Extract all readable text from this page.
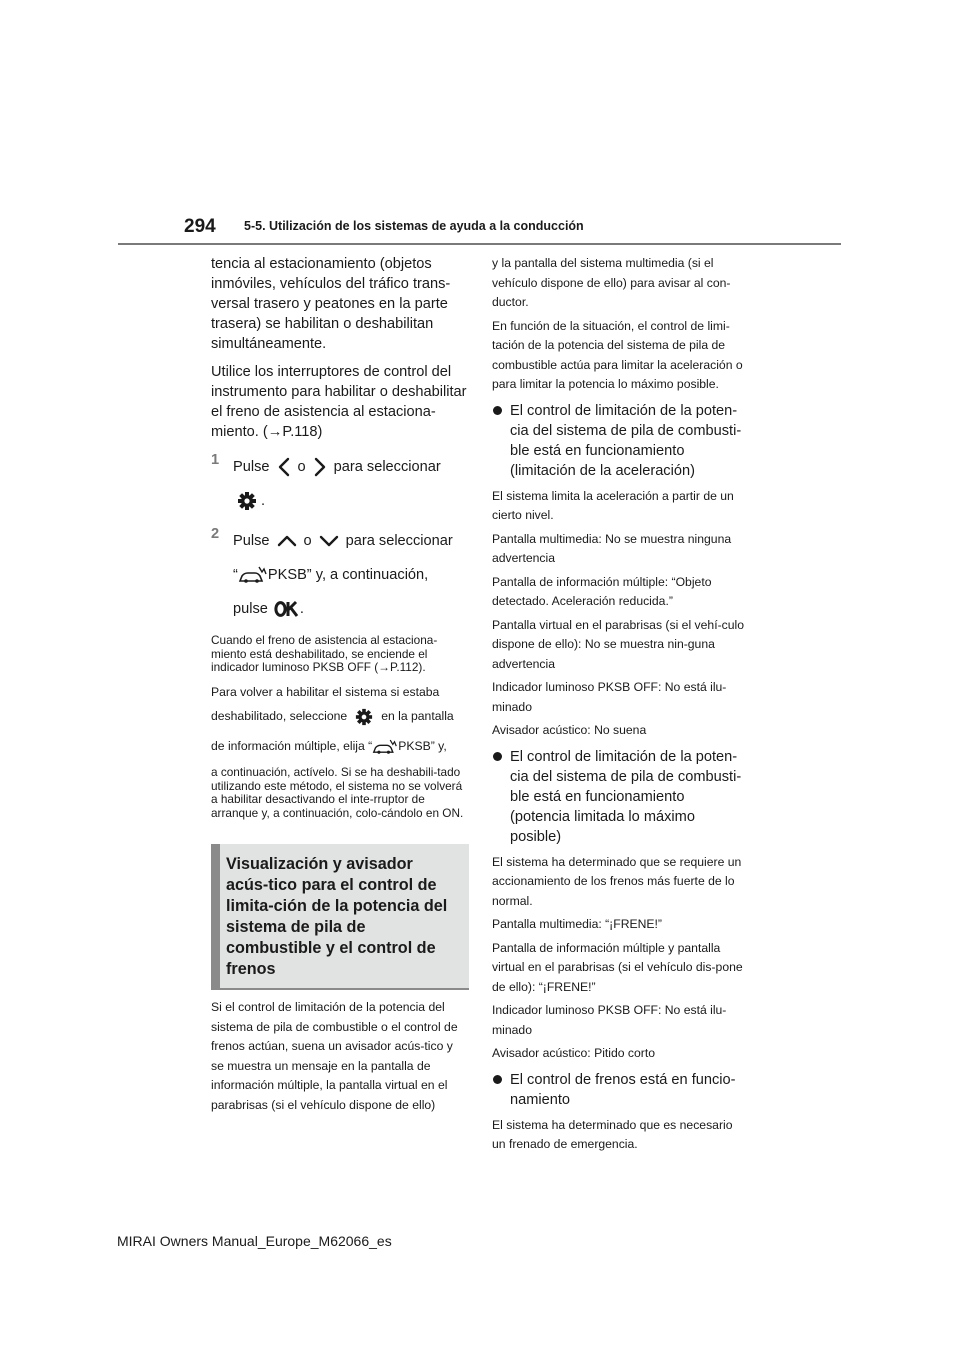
294 5-5. Utilización de los sistemas de ayuda a la conducción

tencia al estacionamiento (objetos inmóviles, vehículos del tráfico trans-versal trasero y peatones en la parte trasera) se habilitan o deshabilitan simultáneamente.

Utilice los interruptores de control del instrumento para habilitar o deshabilitar el freno de asistencia al estaciona-miento. (→P.118)

1 Pulse o para seleccionar
.
2 Pulse o para seleccionar
“ PKSB” y, a continuación,
pulse .

Cuando el freno de asistencia al estaciona-miento está deshabilitado, se enciende el indicador luminoso PKSB OFF (→P.112).

Para volver a habilitar el sistema si estaba
deshabilitado, seleccione	en la pantalla
de información múltiple, elija “ PKSB” y,

a continuación, actívelo. Si se ha deshabili-tado utilizando este método, el sistema no se volverá a habilitar desactivando el inte-rruptor de arranque y, a continuación, colo-cándolo en ON.

Visualización y avisador acús-tico para el control de limita-ción de la potencia del sistema de pila de combustible y el control de frenos

Si el control de limitación de la potencia del sistema de pila de combustible o el control de frenos actúan, suena un avisador acús-tico y se muestra un mensaje en la pantalla de información múltiple, la pantalla virtual en el parabrisas (si el vehículo dispone de ello)

y la pantalla del sistema multimedia (si el vehículo dispone de ello) para avisar al con-ductor.

En función de la situación, el control de limi-tación de la potencia del sistema de pila de combustible actúa para limitar la aceleración o para limitar la potencia lo máximo posible.

El control de limitación de la poten-cia del sistema de pila de combusti-ble está en funcionamiento (limitación de la aceleración)

El sistema limita la aceleración a partir de un cierto nivel.

Pantalla multimedia: No se muestra ninguna advertencia

Pantalla de información múltiple: “Objeto detectado. Aceleración reducida.”

Pantalla virtual en el parabrisas (si el vehí-culo dispone de ello): No se muestra nin-guna advertencia

Indicador luminoso PKSB OFF: No está ilu-minado

Avisador acústico: No suena

El control de limitación de la poten-cia del sistema de pila de combusti-ble está en funcionamiento (potencia limitada lo máximo posible)

El sistema ha determinado que se requiere un accionamiento de los frenos más fuerte de lo normal.

Pantalla multimedia: “¡FRENE!”

Pantalla de información múltiple y pantalla virtual en el parabrisas (si el vehículo dis-pone de ello): “¡FRENE!”

Indicador luminoso PKSB OFF: No está ilu-minado

Avisador acústico: Pitido corto

El control de frenos está en funcio-namiento

El sistema ha determinado que es necesario un frenado de emergencia.

MIRAI Owners Manual_Europe_M62066_es
